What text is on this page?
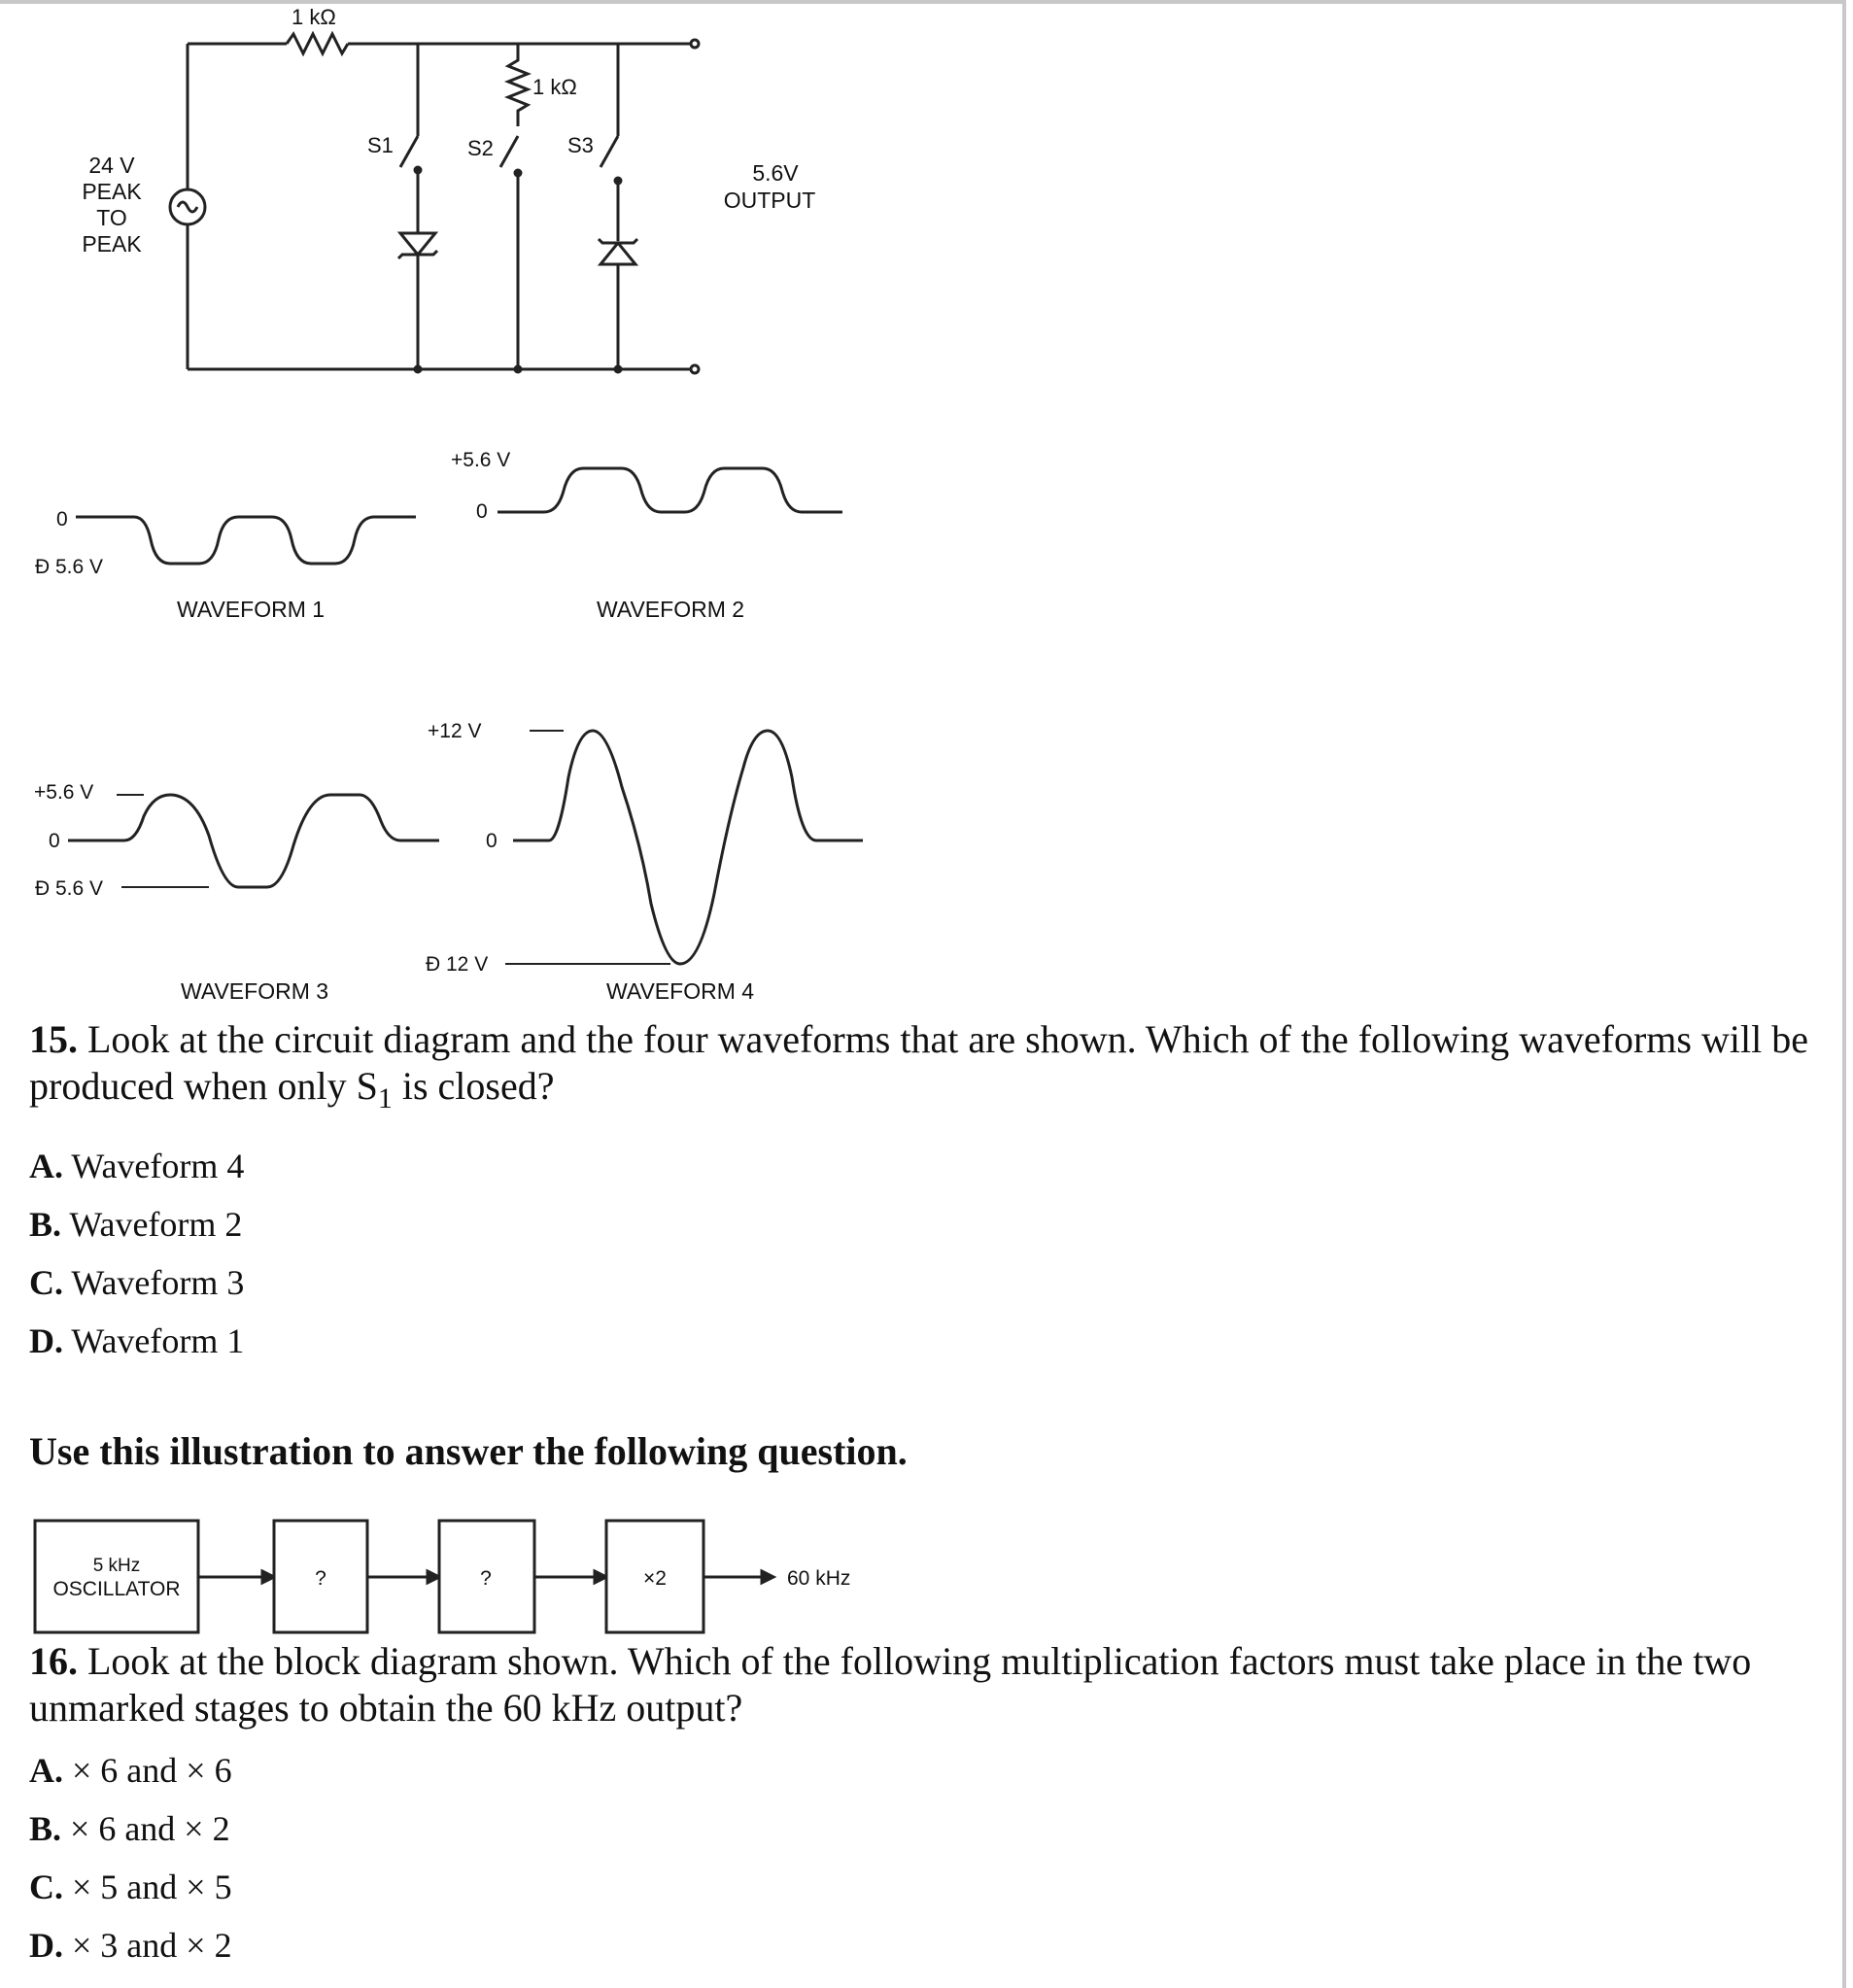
1 kΩ
1 kΩ
S1	S2	S3
24 V
PEAK
TO
PEAK
5.6V
OUTPUT
0
Ð 5.6 V
WAVEFORM 1
+5.6 V
0
WAVEFORM 2
+5.6 V
0
Ð 5.6 V
WAVEFORM 3
+12 V
0
Ð 12 V
WAVEFORM 4
15. Look at the circuit diagram and the four waveforms that are shown. Which of the following waveforms will be produced when only $S_1$ is closed?
A. Waveform 4
B. Waveform 2
C. Waveform 3
D. Waveform 1
Use this illustration to answer the following question.
5 kHz
OSCILLATOR	?	?	×2	60 kHz
16. Look at the block diagram shown. Which of the following multiplication factors must take place in the two unmarked stages to obtain the 60 kHz output?
A. × 6 and × 6
B. × 6 and × 2
C. × 5 and × 5
D. × 3 and × 2
